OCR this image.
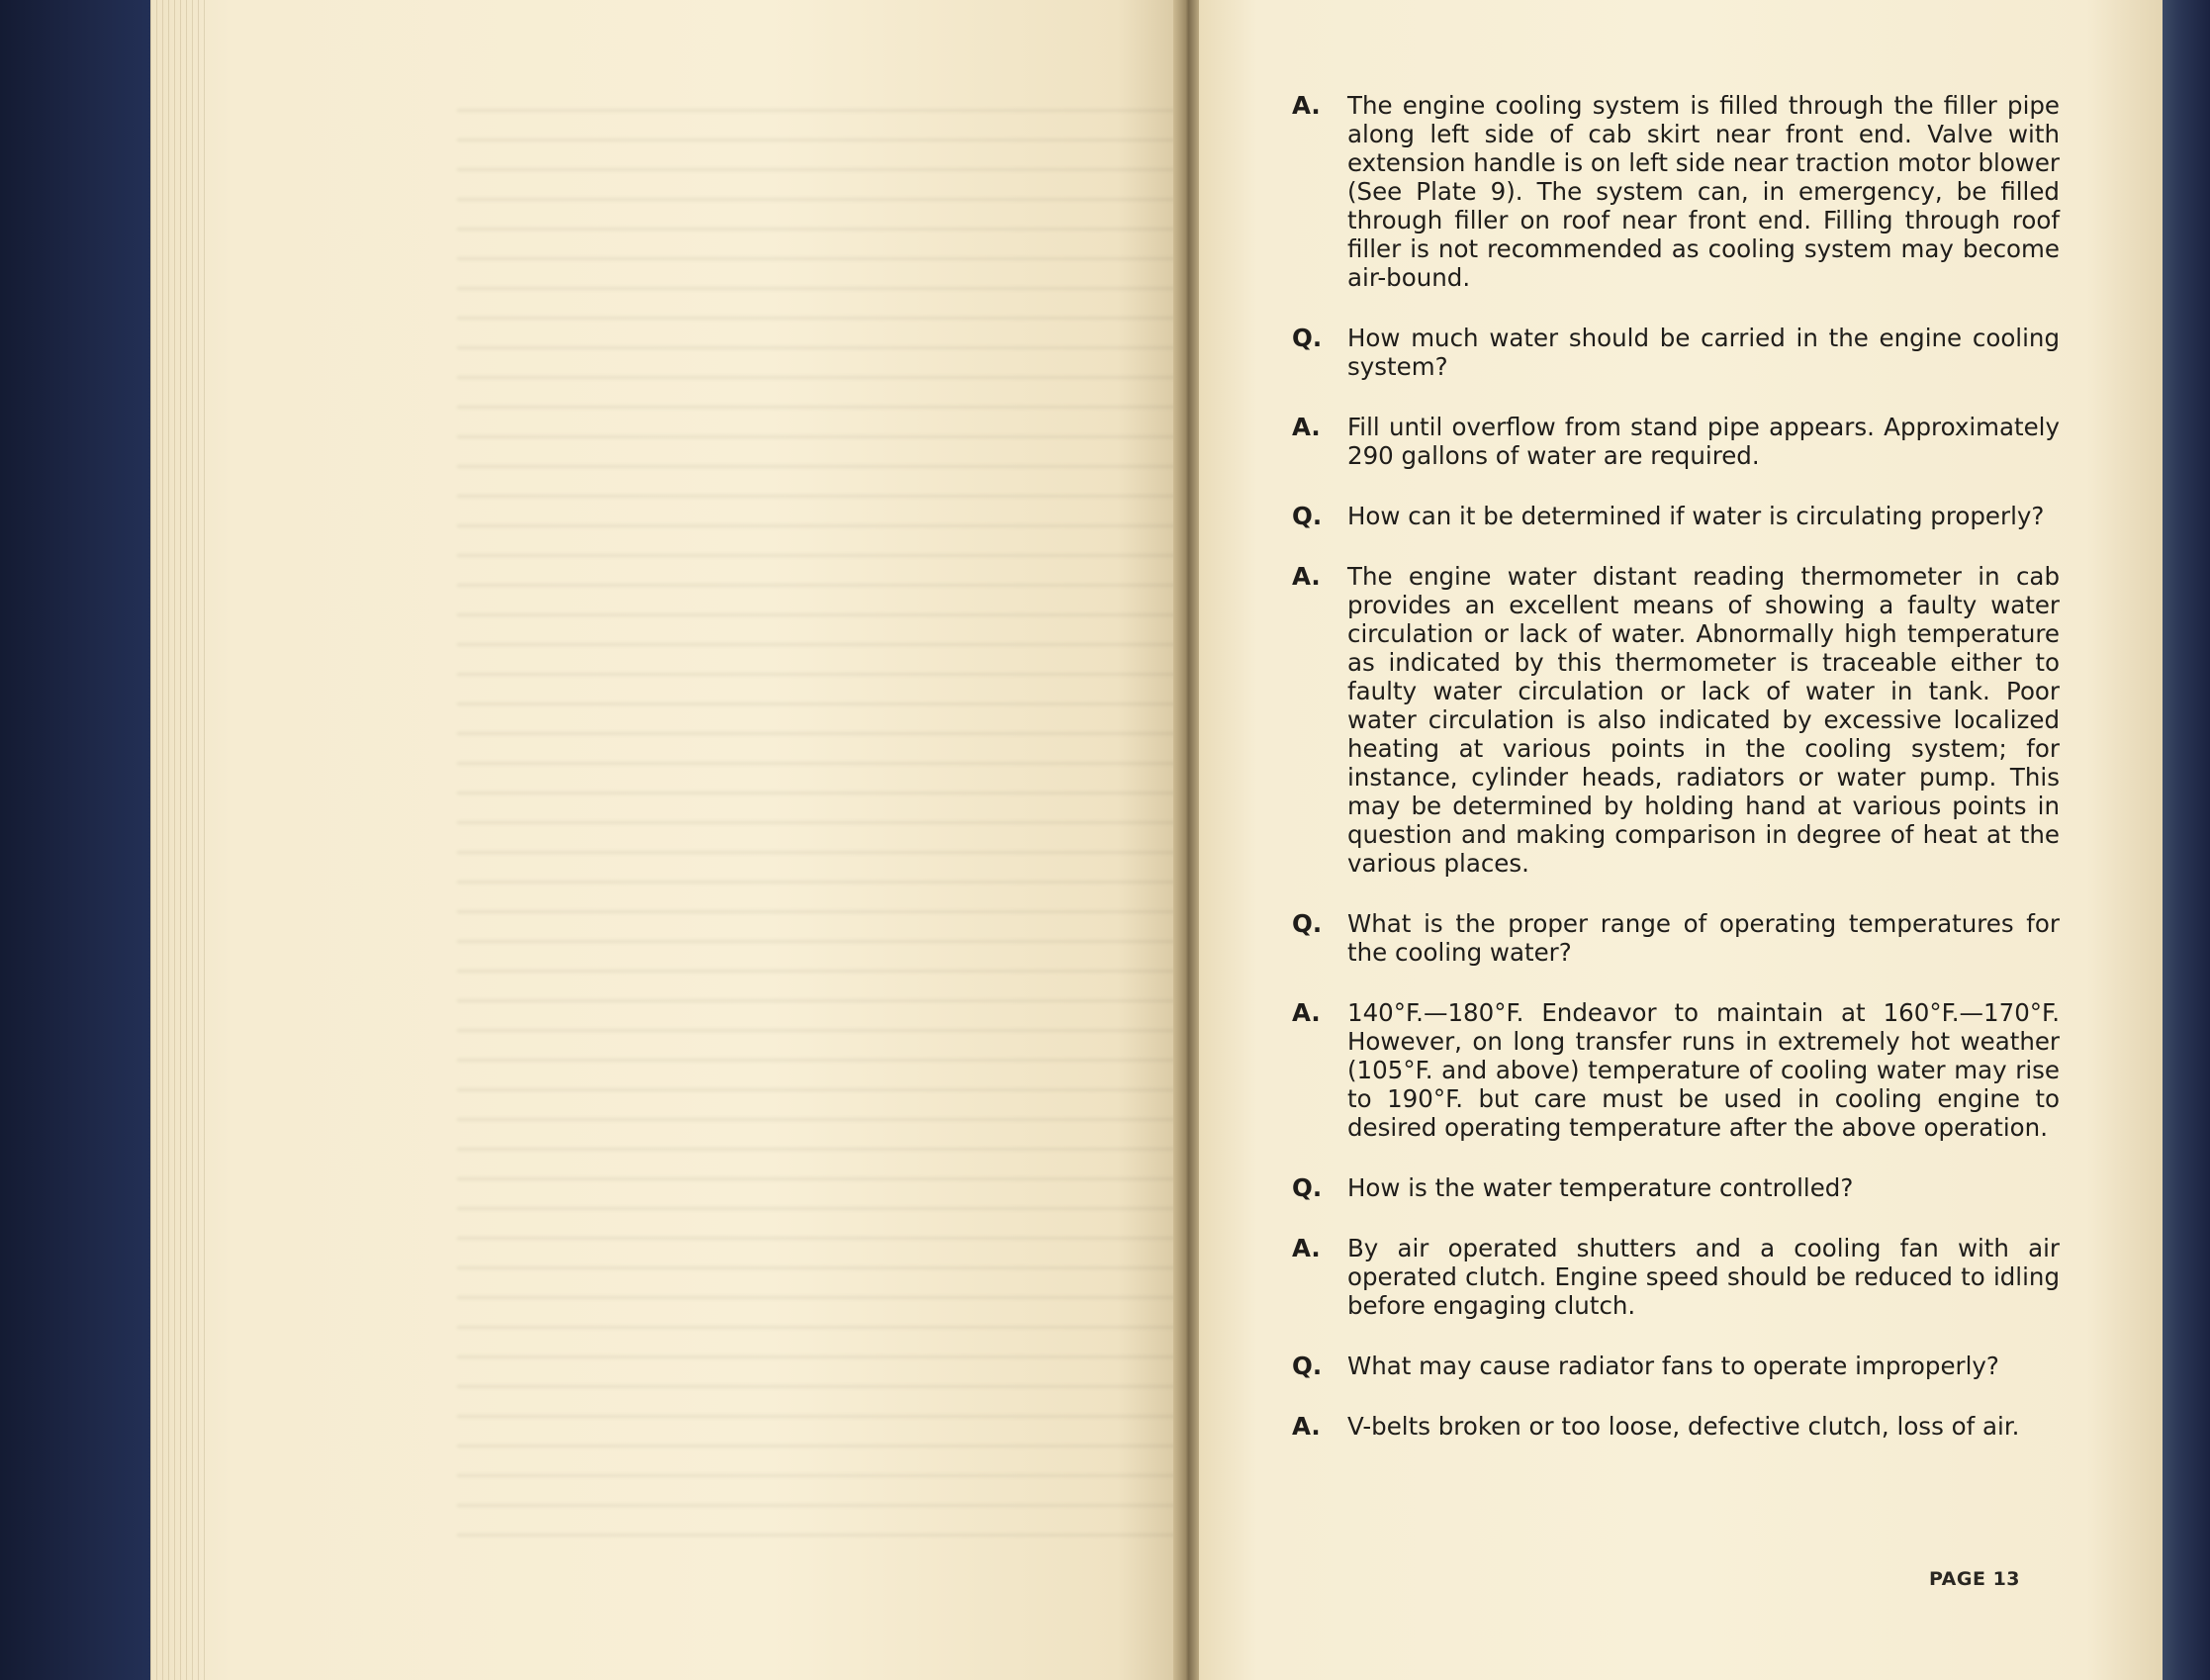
A.	The engine cooling system is filled through the filler pipe along left side of cab skirt near front end. Valve with extension handle is on left side near traction motor blower (See Plate 9). The system can, in emergency, be filled through filler on roof near front end. Filling through roof filler is not recommended as cooling system may become air-bound.
Q.	How much water should be carried in the engine cooling system?
A.	Fill until overflow from stand pipe appears. Approximately 290 gallons of water are required.
Q.	How can it be determined if water is circulating properly?
A.	The engine water distant reading thermometer in cab provides an excellent means of showing a faulty water circulation or lack of water. Abnormally high temperature as indicated by this thermometer is traceable either to faulty water circulation or lack of water in tank. Poor water circulation is also indicated by excessive localized heating at various points in the cooling system; for instance, cylinder heads, radiators or water pump. This may be determined by holding hand at various points in question and making comparison in degree of heat at the various places.
Q.	What is the proper range of operating temperatures for the cooling water?
A.	140°F.—180°F. Endeavor to maintain at 160°F.—170°F. However, on long transfer runs in extremely hot weather (105°F. and above) temperature of cooling water may rise to 190°F. but care must be used in cooling engine to desired operating temperature after the above operation.
Q.	How is the water temperature controlled?
A.	By air operated shutters and a cooling fan with air operated clutch. Engine speed should be reduced to idling before engaging clutch.
Q.	What may cause radiator fans to operate improperly?
A.	V-belts broken or too loose, defective clutch, loss of air.
PAGE 13
